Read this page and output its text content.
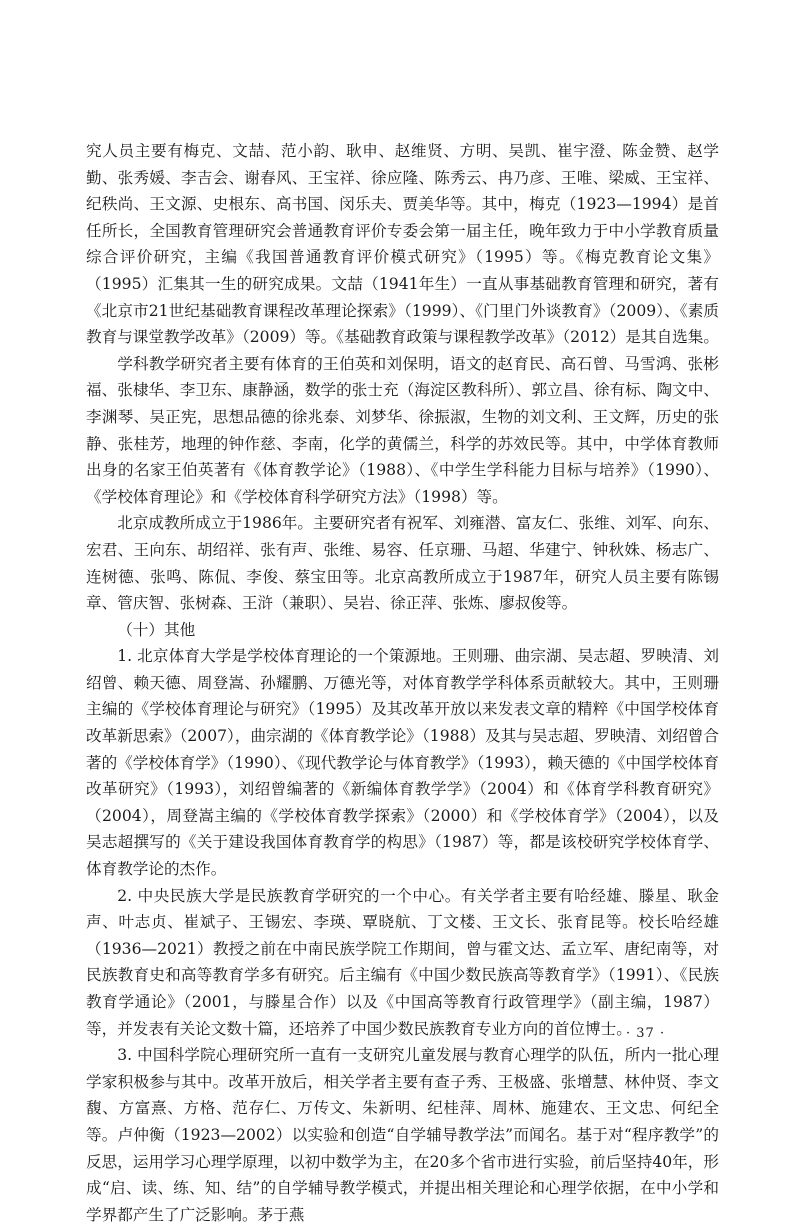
究人员主要有梅克、文喆、范小韵、耿申、赵维贤、方明、吴凯、崔宇澄、陈金赞、赵学勤、张秀媛、李吉会、谢春风、王宝祥、徐应隆、陈秀云、冉乃彦、王唯、梁威、王宝祥、纪秩尚、王文源、史根东、高书国、闵乐夫、贾美华等。其中，梅克（1923—1994）是首任所长，全国教育管理研究会普通教育评价专委会第一届主任，晚年致力于中小学教育质量综合评价研究，主编《我国普通教育评价模式研究》（1995）等。《梅克教育论文集》（1995）汇集其一生的研究成果。文喆（1941年生）一直从事基础教育管理和研究，著有《北京市21世纪基础教育课程改革理论探索》（1999）、《门里门外谈教育》（2009）、《素质教育与课堂教学改革》（2009）等。《基础教育政策与课程教学改革》（2012）是其自选集。

学科教学研究者主要有体育的王伯英和刘保明，语文的赵育民、高石曾、马雪鸿、张彬福、张棣华、李卫东、康静涵，数学的张士充（海淀区教科所）、郭立昌、徐有标、陶文中、李渊琴、吴正宪，思想品德的徐兆泰、刘梦华、徐振淑，生物的刘文利、王文辉，历史的张静、张桂芳，地理的钟作慈、李南，化学的黄儒兰，科学的苏效民等。其中，中学体育教师出身的名家王伯英著有《体育教学论》（1988）、《中学生学科能力目标与培养》（1990）、《学校体育理论》和《学校体育科学研究方法》（1998）等。

北京成教所成立于1986年。主要研究者有祝军、刘雍潜、富友仁、张维、刘军、向东、宏君、王向东、胡绍祥、张有声、张维、易容、任京珊、马超、华建宁、钟秋姝、杨志广、连树德、张鸣、陈侃、李俊、蔡宝田等。北京高教所成立于1987年，研究人员主要有陈锡章、管庆智、张树森、王浒（兼职）、吴岩、徐正萍、张炼、廖叔俊等。

（十）其他

1. 北京体育大学是学校体育理论的一个策源地。王则珊、曲宗湖、吴志超、罗映清、刘绍曾、赖天德、周登嵩、孙耀鹏、万德光等，对体育教学学科体系贡献较大。其中，王则珊主编的《学校体育理论与研究》（1995）及其改革开放以来发表文章的精粹《中国学校体育改革新思索》（2007），曲宗湖的《体育教学论》（1988）及其与吴志超、罗映清、刘绍曾合著的《学校体育学》（1990）、《现代教学论与体育教学》（1993），赖天德的《中国学校体育改革研究》（1993），刘绍曾编著的《新编体育教学学》（2004）和《体育学科教育研究》（2004），周登嵩主编的《学校体育教学探索》（2000）和《学校体育学》（2004），以及吴志超撰写的《关于建设我国体育教育学的构思》（1987）等，都是该校研究学校体育学、体育教学论的杰作。

2. 中央民族大学是民族教育学研究的一个中心。有关学者主要有哈经雄、滕星、耿金声、叶志贞、崔斌子、王锡宏、李瑛、覃晓航、丁文楼、王文长、张育昆等。校长哈经雄（1936—2021）教授之前在中南民族学院工作期间，曾与霍文达、孟立军、唐纪南等，对民族教育史和高等教育学多有研究。后主编有《中国少数民族高等教育学》（1991）、《民族教育学通论》（2001，与滕星合作）以及《中国高等教育行政管理学》（副主编，1987）等，并发表有关论文数十篇，还培养了中国少数民族教育专业方向的首位博士。

3. 中国科学院心理研究所一直有一支研究儿童发展与教育心理学的队伍，所内一批心理学家积极参与其中。改革开放后，相关学者主要有查子秀、王极盛、张增慧、林仲贤、李文馥、方富熹、方格、范存仁、万传文、朱新明、纪桂萍、周林、施建农、王文忠、何纪全等。卢仲衡（1923—2002）以实验和创造“自学辅导教学法”而闻名。基于对“程序教学”的反思，运用学习心理学原理，以初中数学为主，在20多个省市进行实验，前后坚持40年，形成“启、读、练、知、结”的自学辅导教学模式，并提出相关理论和心理学依据，在中小学和学界都产生了广泛影响。茅于燕

· 37 ·
